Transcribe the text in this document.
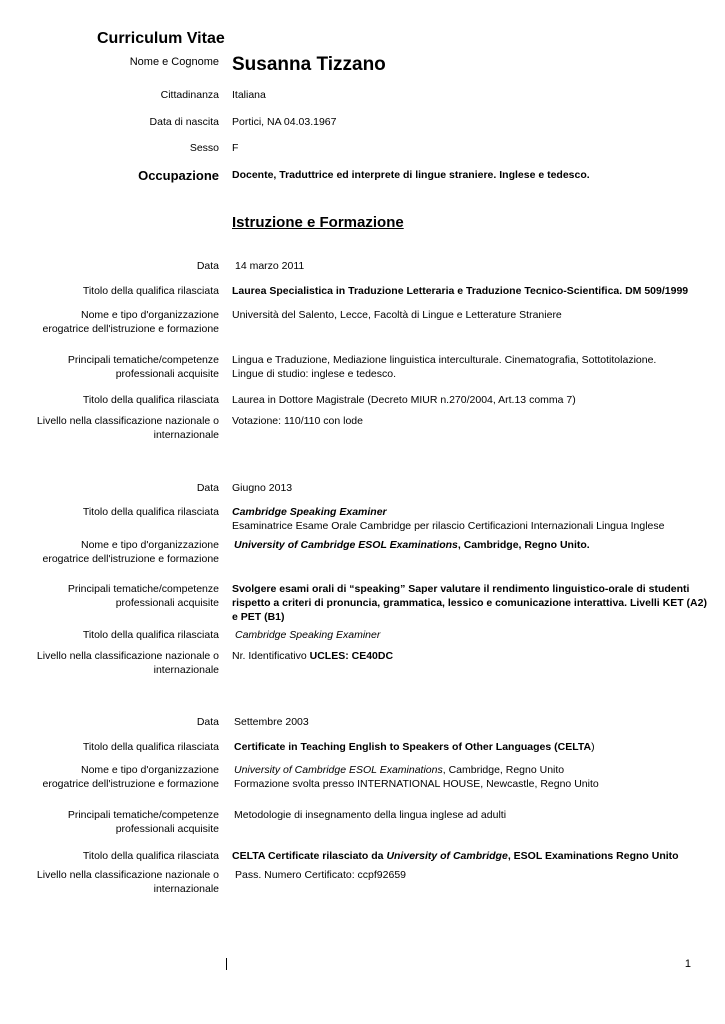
Curriculum Vitae
Nome e Cognome Susanna Tizzano
Cittadinanza Italiana
Data di nascita Portici, NA 04.03.1967
Sesso F
Occupazione Docente, Traduttrice ed interprete di lingue straniere. Inglese e tedesco.
Istruzione e Formazione
Data 14 marzo 2011
Titolo della qualifica rilasciata Laurea Specialistica in Traduzione Letteraria e Traduzione Tecnico-Scientifica. DM 509/1999
Nome e tipo d'organizzazione
erogatrice dell'istruzione e formazione
Università del Salento, Lecce, Facoltà di Lingue e Letterature Straniere
Principali tematiche/competenze
professionali acquisite
Lingua e Traduzione, Mediazione linguistica interculturale. Cinematografia, Sottotitolazione.
Lingue di studio: inglese e tedesco.
Titolo della qualifica rilasciata Laurea in Dottore Magistrale (Decreto MIUR n.270/2004, Art.13 comma 7)
Livello nella classificazione nazionale o
internazionale
Votazione: 110/110 con lode
Data Giugno 2013
Titolo della qualifica rilasciata Cambridge Speaking Examiner
Esaminatrice Esame Orale Cambridge per rilascio Certificazioni Internazionali Lingua Inglese
Nome e tipo d'organizzazione
erogatrice dell'istruzione e formazione
University of Cambridge ESOL Examinations, Cambridge, Regno Unito.
Principali tematiche/competenze
professionali acquisite
Svolgere esami orali di “speaking” Saper valutare il rendimento linguistico-orale di studenti
rispetto a criteri di pronuncia, grammatica, lessico e comunicazione interattiva. Livelli KET (A2)
e PET (B1)
Titolo della qualifica rilasciata Cambridge Speaking Examiner
Livello nella classificazione nazionale o
internazionale
Nr. Identificativo UCLES: CE40DC
Data Settembre 2003
Titolo della qualifica rilasciata Certificate in Teaching English to Speakers of Other Languages (CELTA)
Nome e tipo d'organizzazione
erogatrice dell'istruzione e formazione
University of Cambridge ESOL Examinations, Cambridge, Regno Unito
Formazione svolta presso INTERNATIONAL HOUSE, Newcastle, Regno Unito
Principali tematiche/competenze
professionali acquisite
Metodologie di insegnamento della lingua inglese ad adulti
Titolo della qualifica rilasciata CELTA Certificate rilasciato da University of Cambridge, ESOL Examinations Regno Unito
Livello nella classificazione nazionale o
internazionale
Pass. Numero Certificato: ccpf92659
1
